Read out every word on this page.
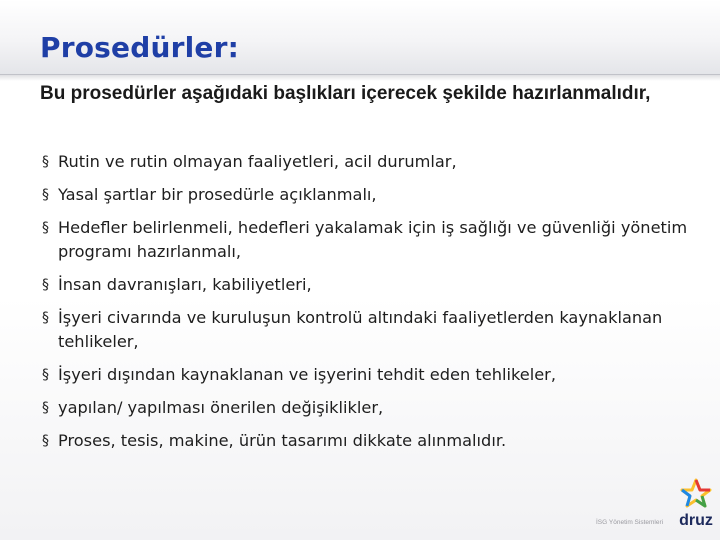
Prosedürler:

Bu prosedürler aşağıdaki başlıkları içerecek şekilde hazırlanmalıdır,

§ Rutin ve rutin olmayan faaliyetleri, acil durumlar,
§ Yasal şartlar bir prosedürle açıklanmalı,
§ Hedefler belirlenmeli, hedefleri yakalamak için iş sağlığı ve güvenliği yönetim programı hazırlanmalı,
§ İnsan davranışları, kabiliyetleri,
§ İşyeri civarında ve kuruluşun kontrolü altındaki faaliyetlerden kaynaklanan tehlikeler,
§ İşyeri dışından kaynaklanan ve işyerini tehdit eden tehlikeler,
§ yapılan/ yapılması önerilen değişiklikler,
§ Proses, tesis, makine, ürün tasarımı dikkate alınmalıdır.
İSG Yönetim Sistemleri druz
